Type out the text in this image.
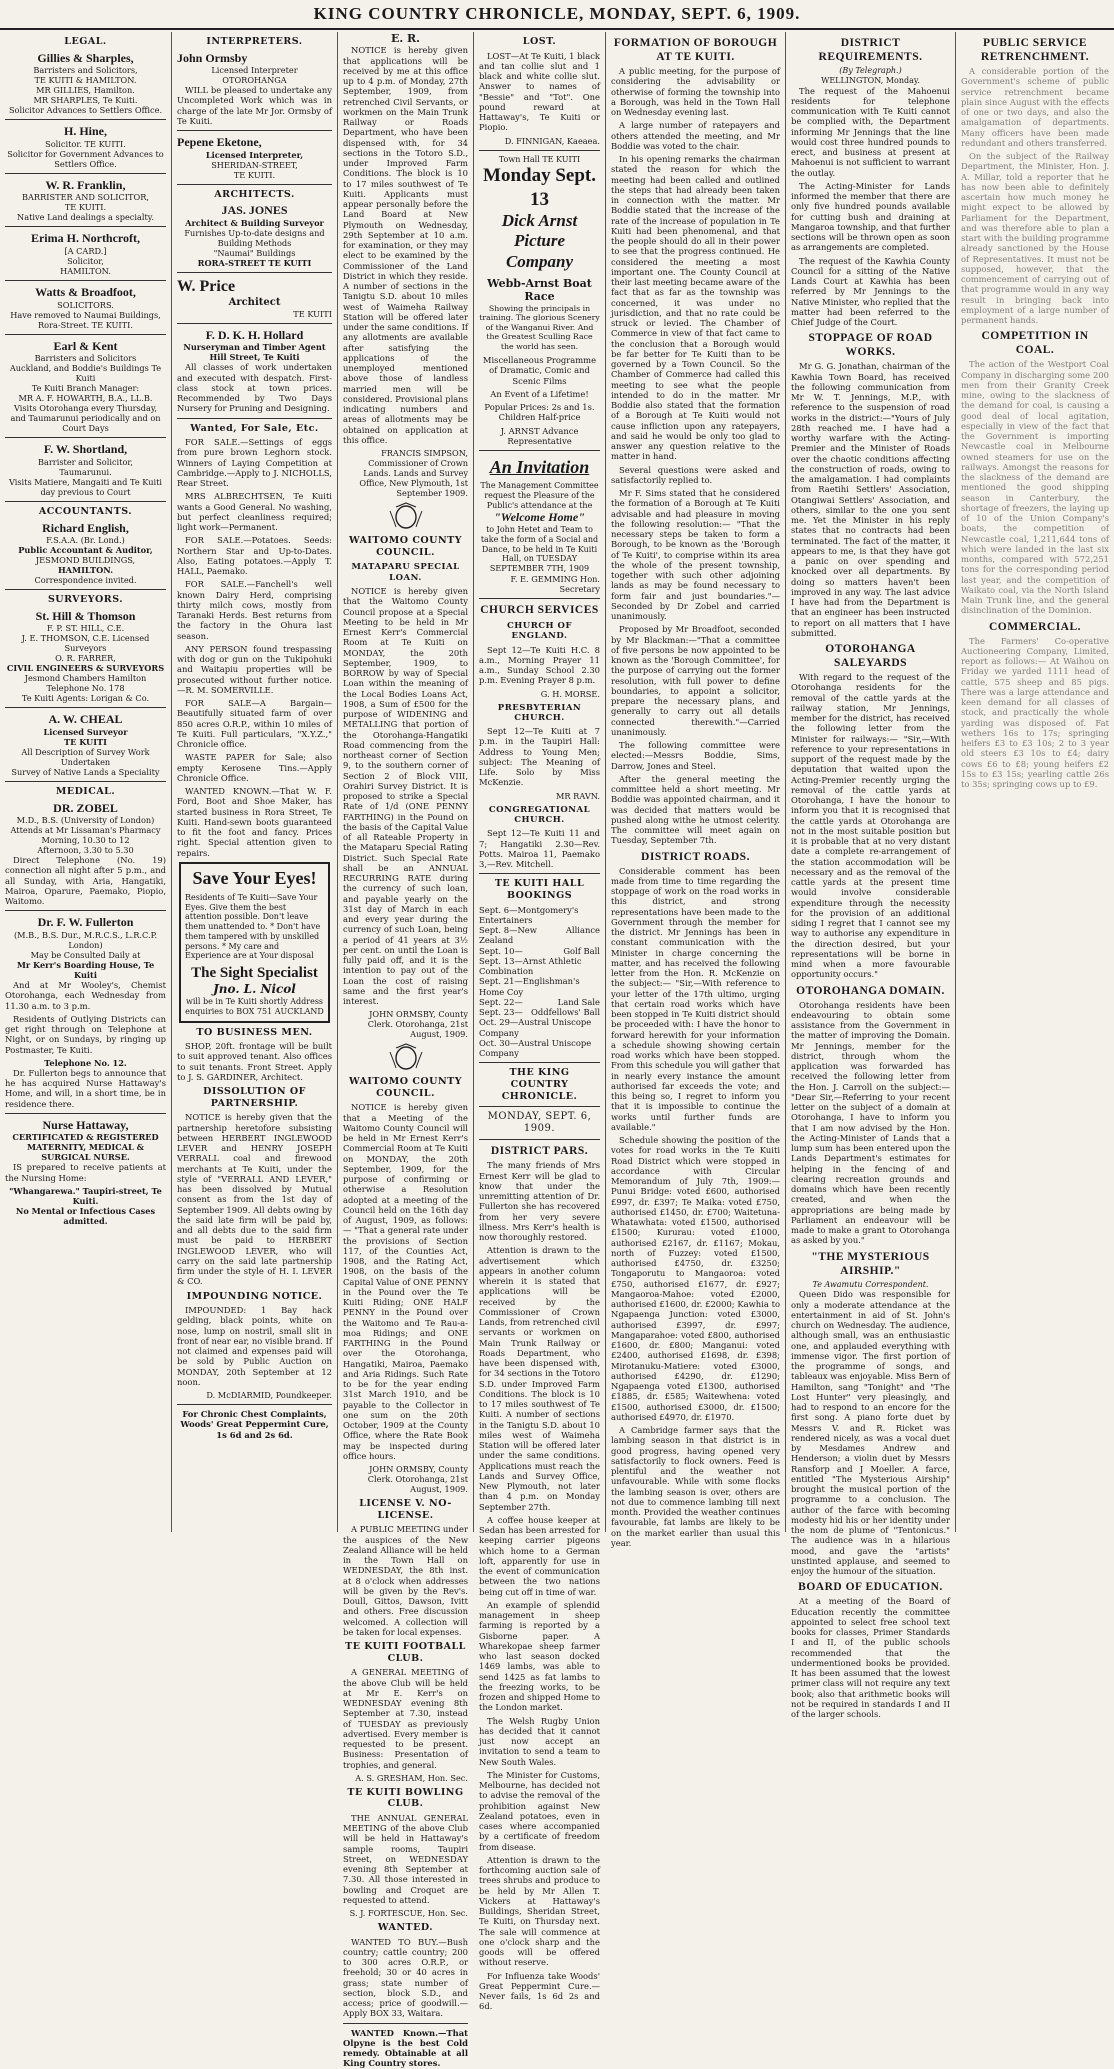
KING COUNTRY CHRONICLE, MONDAY, SEPT. 6, 1909.
LEGAL.
Gillies & Sharples,
Barristers and Solicitors,
TE KUITI & HAMILTON.
MR GILLIES, Hamilton.
MR SHARPLES, Te Kuiti.
Solicitor Advances to Settlers Office.
H. Hine,
Solicitor. TE KUITI.
Solicitor for Government Advances to Settlers Office.
W. R. Franklin,
BARRISTER AND SOLICITOR,
TE KUITI.
Native Land dealings a specialty.
Erima H. Northcroft,
[A CARD.]
Solicitor,
HAMILTON.
Watts & Broadfoot,
SOLICITORS.
Have removed to Naumai Buildings,
Rora-Street. TE KUITI.
Earl & Kent
Barristers and Solicitors
Auckland, and Boddie's Buildings Te Kuiti
Te Kuiti Branch Manager:
MR A. F. HOWARTH, B.A., LL.B.
Visits Otorohanga every Thursday, and Taumarunui periodically and on Court Days
F. W. Shortland,
Barrister and Solicitor,
Taumarunui.
Visits Matiere, Mangaiti and Te Kuiti day previous to Court
ACCOUNTANTS.
Richard English,
F.S.A.A. (Br. Lond.)
Public Accountant & Auditor,
JESMOND BUILDINGS,
HAMILTON.
Correspondence invited.
SURVEYORS.
St. Hill & Thomson
F. P. ST. HILL, C.E.
J. E. THOMSON, C.E. Licensed Surveyors
O. R. FARRER,
CIVIL ENGINEERS & SURVEYORS
Jesmond Chambers Hamilton
Telephone No. 178
Te Kuiti Agents: Lorigan & Co.
A. W. CHEAL
Licensed Surveyor
TE KUITI
All Description of Survey Work Undertaken
Survey of Native Lands a Speciality
MEDICAL.
DR. ZOBEL
M.D., B.S. (University of London)
Attends at Mr Lissaman's Pharmacy
Morning, 10.30 to 12
Afternoon, 3.30 to 5.30

Direct Telephone (No. 19) connection all night after 5 p.m., and all Sunday, with Aria, Hangatiki, Mairoa, Oparure, Paemako, Piopio, Waitomo.

Dr. F. W. Fullerton
(M.B., B.S. Dur., M.R.C.S., L.R.C.P. London)
May be Consulted Daily at
Mr Kerr's Boarding House, Te Kuiti

And at Mr Wooley's, Chemist Otorohanga, each Wednesday from 11.30 a.m. to 3 p.m.

Residents of Outlying Districts can get right through on Telephone at Night, or on Sundays, by ringing up Postmaster, Te Kuiti.

Telephone No. 12.

Dr. Fullerton begs to announce that he has acquired Nurse Hattaway's Home, and will, in a short time, be in residence there.

Nurse Hattaway,
CERTIFICATED & REGISTERED
MATERNITY, MEDICAL & SURGICAL NURSE.

IS prepared to receive patients at the Nursing Home:

"Whangarewa." Taupiri-street, Te Kuiti.
No Mental or Infectious Cases admitted.
INTERPRETERS.
John Ormsby
Licensed Interpreter
OTOROHANGA

WILL be pleased to undertake any Uncompleted Work which was in charge of the late Mr Jor. Ormsby of Te Kuiti.

Pepene Eketone,
Licensed Interpreter,
SHERIDAN-STREET,
TE KUITI.
ARCHITECTS.
JAS. JONES
Architect & Building Surveyor
Furnishes Up-to-date designs and Building Methods
"Naumai" Buildings
RORA-STREET TE KUITI
W. Price
Architect
TE KUITI
F. D. K. H. Hollard
Nurseryman and Timber Agent
Hill Street, Te Kuiti

All classes of work undertaken and executed with despatch. First-class stock at town prices. Recommended by Two Days Nursery for Pruning and Designing.

Wanted, For Sale, Etc.

FOR SALE.—Settings of eggs from pure brown Leghorn stock. Winners of Laying Competition at Cambridge.—Apply to J. NICHOLLS, Rear Street.

MRS ALBRECHTSEN, Te Kuiti wants a Good General. No washing, but perfect cleanliness required; light work—Permanent.

FOR SALE.—Potatoes. Seeds: Northern Star and Up-to-Dates. Also, Eating potatoes.—Apply T. HALL, Paemako.

FOR SALE.—Fanchell's well known Dairy Herd, comprising thirty milch cows, mostly from Taranaki Herds. Best returns from the factory in the Ohura last season.

ANY PERSON found trespassing with dog or gun on the Tukipohuki and Waitapiu properties will be prosecuted without further notice.—R. M. SOMERVILLE.

FOR SALE—A Bargain—Beautifully situated farm of over 850 acres O.R.P., within 10 miles of Te Kuiti. Full particulars, "X.Y.Z.," Chronicle office.

WASTE PAPER for Sale; also empty Kerosene Tins.—Apply Chronicle Office.

WANTED KNOWN.—That W. F. Ford, Boot and Shoe Maker, has started business in Rora Street, Te Kuiti. Hand-sewn boots guaranteed to fit the foot and fancy. Prices right. Special attention given to repairs.

Save Your Eyes!
Residents of Te Kuiti—Save Your Eyes. Give them the best attention possible. Don't leave them unattended to. * Don't have them tampered with by unskilled persons. * My care and Experience are at Your disposal
The Sight Specialist
Jno. L. Nicol
will be in Te Kuiti shortly Address enquiries to BOX 751 AUCKLAND
TO BUSINESS MEN.

SHOP, 20ft. frontage will be built to suit approved tenant. Also offices to suit tenants. Front Street. Apply to J. S. GARDINER, Architect.

DISSOLUTION OF PARTNERSHIP.

NOTICE is hereby given that the partnership heretofore subsisting between HERBERT INGLEWOOD LEVER and HENRY JOSEPH VERRALL coal and firewood merchants at Te Kuiti, under the style of "VERRALL AND LEVER," has been dissolved by Mutual consent as from the 1st day of September 1909. All debts owing by the said late firm will be paid by, and all debts due to the said firm must be paid to HERBERT INGLEWOOD LEVER, who will carry on the said late partnership firm under the style of H. I. LEVER & CO.

IMPOUNDING NOTICE.

IMPOUNDED: 1 Bay hack gelding, black points, white on nose, lump on nostril, small slit in front of near ear, no visible brand. If not claimed and expenses paid will be sold by Public Auction on MONDAY, 20th September at 12 noon.

D. McDIARMID, Poundkeeper.
For Chronic Chest Complaints, Woods' Great Peppermint Cure, 1s 6d and 2s 6d.
E. R.

NOTICE is hereby given that applications will be received by me at this office up to 4 p.m. of Monday, 27th September, 1909, from retrenched Civil Servants, or workmen on the Main Trunk Railway or Roads Department, who have been dispensed with, for 34 sections in the Totoro S.D., under Improved Farm Conditions. The block is 10 to 17 miles southwest of Te Kuiti. Applicants must appear personally before the Land Board at New Plymouth on Wednesday, 29th September at 10 a.m. for examination, or they may elect to be examined by the Commissioner of the Land District in which they reside. A number of sections in the Tanigtu S.D. about 10 miles west of Waimeha Railway Station will be offered later under the same conditions. If any allotments are available after satisfying the applications of the unemployed mentioned above those of landless married men will be considered. Provisional plans indicating numbers and areas of allotments may be obtained on application at this office.

FRANCIS SIMPSON, Commissioner of Crown Lands. Lands and Survey Office, New Plymouth, 1st September 1909.
WAITOMO COUNTY COUNCIL.
MATAPARU SPECIAL LOAN.

NOTICE is hereby given that the Waitomo County Council propose at a Special Meeting to be held in Mr Ernest Kerr's Commercial Room at Te Kuiti on MONDAY, the 20th September, 1909, to BORROW by way of Special Loan within the meaning of the Local Bodies Loans Act, 1908, a Sum of £500 for the purpose of WIDENING and METALLING that portion of the Otorohanga-Hangatiki Road commencing from the northeast corner of Section 9, to the southern corner of Section 2 of Block VIII, Orahiri Survey District. It is proposed to strike a Special Rate of 1/d (ONE PENNY FARTHING) in the Pound on the basis of the Capital Value of all Rateable Property in the Mataparu Special Rating District. Such Special Rate shall be an ANNUAL RECURRING RATE during the currency of such loan, and payable yearly on the 31st day of March in each and every year during the currency of such Loan, being a period of 41 years at 3½ per cent. on until the Loan is fully paid off, and it is the intention to pay out of the Loan the cost of raising same and the first year's interest.

JOHN ORMSBY, County Clerk. Otorohanga, 21st August, 1909.
WAITOMO COUNTY COUNCIL.

NOTICE is hereby given that a Meeting of the Waitomo County Council will be held in Mr Ernest Kerr's Commercial Room at Te Kuiti on MONDAY, the 20th September, 1909, for the purpose of confirming or otherwise a Resolution adopted at a meeting of the Council held on the 16th day of August, 1909, as follows:— "That a general rate under the provisions of Section 117, of the Counties Act, 1908, and the Rating Act, 1908, on the basis of the Capital Value of ONE PENNY in the Pound over the Te Kuiti Riding; ONE HALF PENNY in the Pound over the Waitomo and Te Rau-a-moa Ridings; and ONE FARTHING in the Pound over the Otorohanga, Hangatiki, Mairoa, Paemako and Aria Ridings. Such Rate to be for the year ending 31st March 1910, and be payable to the Collector in one sum on the 20th October, 1909 at the County Office, where the Rate Book may be inspected during office hours.

JOHN ORMSBY, County Clerk. Otorohanga, 21st August, 1909.
LICENSE V. NO-LICENSE.

A PUBLIC MEETING under the auspices of the New Zealand Alliance will be held in the Town Hall on WEDNESDAY, the 8th inst. at 8 o'clock when addresses will be given by the Rev's. Doull, Gittos, Dawson, Ivitt and others. Free discussion welcomed. A collection will be taken for local expenses.

TE KUITI FOOTBALL CLUB.

A GENERAL MEETING of the above Club will be held at Mr E. Kerr's on WEDNESDAY evening 8th September at 7.30, instead of TUESDAY as previously advertised. Every member is requested to be present. Business: Presentation of trophies, and general.

A. S. GRESHAM, Hon. Sec.
TE KUITI BOWLING CLUB.

THE ANNUAL GENERAL MEETING of the above Club will be held in Hattaway's sample rooms, Taupiri Street, on WEDNESDAY evening 8th September at 7.30. All those interested in bowling and Croquet are requested to attend.

S. J. FORTESCUE, Hon. Sec.
WANTED.

WANTED TO BUY.—Bush country; cattle country; 200 to 300 acres O.R.P., or freehold; 30 or 40 acres in grass; state number of section, block S.D., and access; price of goodwill.—Apply BOX 33, Waitara.

WANTED Known.—That Olpyne is the best Cold remedy. Obtainable at all King Country stores.

LOST.

LOST—At Te Kuiti, 1 black and tan collie slut and 1 black and white collie slut. Answer to names of "Bessie" and "Tot". One pound reward at Hattaway's, Te Kuiti or Piopio.

D. FINNIGAN, Kaeaea.
Town Hall TE KUITI
Monday Sept. 13
Dick Arnst
Picture Company
Webb-Arnst Boat Race
Showing the principals in training. The glorious Scenery of the Wanganui River. And the Greatest Sculling Race the world has seen.
Miscellaneous Programme of Dramatic, Comic and Scenic Films
An Event of a Lifetime!
Popular Prices: 2s and 1s. Children Half-price
J. ARNST Advance Representative
An Invitation
The Management Committee request the Pleasure of the Public's attendance at the
"Welcome Home"
to John Hetet and Team to take the form of a Social and Dance, to be held in Te Kuiti Hall, on TUESDAY SEPTEMBER 7TH, 1909
F. E. GEMMING Hon. Secretary
CHURCH SERVICES
CHURCH OF ENGLAND.

Sept 12—Te Kuiti H.C. 8 a.m., Morning Prayer 11 a.m., Sunday School 2.30 p.m. Evening Prayer 8 p.m.

G. H. MORSE.
PRESBYTERIAN CHURCH.

Sept 12—Te Kuiti at 7 p.m. in the Taupiri Hall: Address to Young Men; subject: The Meaning of Life. Solo by Miss McKenzie.

MR RAVN.
CONGREGATIONAL CHURCH.

Sept 12—Te Kuiti 11 and 7; Hangatiki 2.30—Rev. Potts. Mairoa 11, Paemako 3,—Rev. Mitchell.

TE KUITI HALL BOOKINGS
Sept. 6—Montgomery's Entertainers
Sept. 8—New Zealand
Alliance
Sept. 10—	Golf Ball
Sept. 13—Arnst Athletic Combination
Sept. 21—Englishman's Home Coy
Sept. 22—	Land Sale
Sept. 23— Oddfellows' Ball
Oct. 29—Austral Uniscope Company
Oct. 30—Austral Uniscope Company
THE KING COUNTRY CHRONICLE.
MONDAY, SEPT. 6, 1909.
DISTRICT PARS.

The many friends of Mrs Ernest Kerr will be glad to know that under the unremitting attention of Dr. Fullerton she has recovered from her very severe illness. Mrs Kerr's health is now thoroughly restored.

Attention is drawn to the advertisement which appears in another column wherein it is stated that applications will be received by the Commissioner of Crown Lands, from retrenched civil servants or workmen on Main Trunk Railway or Roads Department, who have been dispensed with, for 34 sections in the Totoro S.D. under Improved Farm Conditions. The block is 10 to 17 miles southwest of Te Kuiti. A number of sections in the Tanigtu S.D. about 10 miles west of Waimeha Station will be offered later under the same conditions. Applications must reach the Lands and Survey Office, New Plymouth, not later than 4 p.m. on Monday September 27th.

A coffee house keeper at Sedan has been arrested for keeping carrier pigeons which home to a German loft, apparently for use in the event of communication between the two nations being cut off in time of war.

An example of splendid management in sheep farming is reported by a Gisborne paper. A Wharekopae sheep farmer who last season docked 1469 lambs, was able to send 1425 as fat lambs to the freezing works, to be frozen and shipped Home to the London market.

The Welsh Rugby Union has decided that it cannot just now accept an invitation to send a team to New South Wales.

The Minister for Customs, Melbourne, has decided not to advise the removal of the prohibition against New Zealand potatoes, even in cases where accompanied by a certificate of freedom from disease.

Attention is drawn to the forthcoming auction sale of trees shrubs and produce to be held by Mr Allen T. Vickers at Hattaway's Buildings, Sheridan Street, Te Kuiti, on Thursday next. The sale will commence at one o'clock sharp and the goods will be offered without reserve.

For Influenza take Woods' Great Peppermint Cure.—Never fails, 1s 6d 2s and 6d.

FORMATION OF BOROUGH AT TE KUITI.

A public meeting, for the purpose of considering the advisability or otherwise of forming the township into a Borough, was held in the Town Hall on Wednesday evening last.

A large number of ratepayers and others attended the meeting, and Mr Boddie was voted to the chair.

In his opening remarks the chairman stated the reason for which the meeting had been called and outlined the steps that had already been taken in connection with the matter. Mr Boddie stated that the increase of the rate of the increase of population in Te Kuiti had been phenomenal, and that the people should do all in their power to see that the progress continued. He considered the meeting a most important one. The County Council at their last meeting became aware of the fact that as far as the township was concerned, it was under no jurisdiction, and that no rate could be struck or levied. The Chamber of Commerce in view of that fact came to the conclusion that a Borough would be far better for Te Kuiti than to be governed by a Town Council. So the Chamber of Commerce had called this meeting to see what the people intended to do in the matter. Mr Boddie also stated that the formation of a Borough at Te Kuiti would not cause infliction upon any ratepayers, and said he would be only too glad to answer any question relative to the matter in hand.

Several questions were asked and satisfactorily replied to.

Mr F. Sims stated that he considered the formation of a Borough at Te Kuiti advisable and had pleasure in moving the following resolution:— "That the necessary steps be taken to form a Borough, to be known as the 'Borough of Te Kuiti', to comprise within its area the whole of the present township, together with such other adjoining lands as may be found necessary to form fair and just boundaries."—Seconded by Dr Zobel and carried unanimously.

Proposed by Mr Broadfoot, seconded by Mr Blackman:—"That a committee of five persons be now appointed to be known as the 'Borough Committee', for the purpose of carrying out the former resolution, with full power to define boundaries, to appoint a solicitor, prepare the necessary plans, and generally to carry out all details connected therewith."—Carried unanimously.

The following committee were elected:—Messrs Boddie, Sims, Darrow, Jones and Steel.

After the general meeting the committee held a short meeting. Mr Boddie was appointed chairman, and it was decided that matters would be pushed along withe he utmost celerity. The committee will meet again on Tuesday, September 7th.

DISTRICT ROADS.

Considerable comment has been made from time to time regarding the stoppage of work on the road works in this district, and strong representations have been made to the Government through the member for the district. Mr Jennings has been in constant communication with the Minister in charge concerning the matter, and has received the following letter from the Hon. R. McKenzie on the subject:— "Sir,—With reference to your letter of the 17th ultimo, urging that certain road works which have been stopped in Te Kuiti district should be proceeded with: I have the honor to forward herewith for your information a schedule showing showing certain road works which have been stopped. From this schedule you will gather that in nearly every instance the amount authorised far exceeds the vote; and this being so, I regret to inform you that it is impossible to continue the works until further funds are available."

Schedule showing the position of the votes for road works in the Te Kuiti Road District which were stopped in accordance with Circular Memorandum of July 7th, 1909:— Punui Bridge: voted £600, authorised £997, dr. £397; Te Maika: voted £750, authorised £1450, dr. £700; Waitetuna-Whatawhata: voted £1500, authorised £1500; Kururau: voted £1000, authorised £2167, dr. £1167; Mokau, north of Fuzzey: voted £1500, authorised £4750, dr. £3250; Tongaporutu to Mangaoroa: voted £750, authorised £1677, dr. £927; Mangaoroa-Mahoe: voted £2000, authorised £1600, dr. £2000; Kawhia to Ngapaenga Junction: voted £3000, authorised £3997, dr. £997; Mangaparahoe: voted £800, authorised £1600, dr. £800; Manganui: voted £2400, authorised £1698, dr. £398; Mirotanuku-Matiere: voted £3000, authorised £4290, dr. £1290; Ngapaenga voted £1300, authorised £1885, dr. £585; Waitewhena: voted £1500, authorised £3000, dr. £1500; authorised £4970, dr. £1970.

A Cambridge farmer says that the lambing season in that district is in good progress, having opened very satisfactorily to flock owners. Feed is plentiful and the weather not unfavourable. While with some flocks the lambing season is over, others are not due to commence lambing till next month. Provided the weather continues favourable, fat lambs are likely to be on the market earlier than usual this year.

DISTRICT REQUIREMENTS.
(By Telegraph.)
WELLINGTON, Monday.

The request of the Mahoenui residents for telephone communication with Te Kuiti cannot be complied with, the Department informing Mr Jennings that the line would cost three hundred pounds to erect, and business at present at Mahoenui is not sufficient to warrant the outlay.

The Acting-Minister for Lands informed the member that there are only five hundred pounds available for cutting bush and draining at Mangaroa township, and that further sections will be thrown open as soon as arrangements are completed.

The request of the Kawhia County Council for a sitting of the Native Lands Court at Kawhia has been referred by Mr Jennings to the Native Minister, who replied that the matter had been referred to the Chief Judge of the Court.

STOPPAGE OF ROAD WORKS.

Mr G. G. Jonathan, chairman of the Kawhia Town Board, has received the following communication from Mr W. T. Jennings, M.P., with reference to the suspension of road works in the district:—"Yours of July 28th reached me. I have had a worthy warfare with the Acting-Premier and the Minister of Roads over the chaotic conditions affecting the construction of roads, owing to the amalgamation. I had complaints from Raetihi Settlers' Association, Otangiwai Settlers' Association, and others, similar to the one you sent me. Yet the Minister in his reply states that no contracts had been terminated. The fact of the matter, it appears to me, is that they have got a panic on over spending and knocked over all departments. By doing so matters haven't been improved in any way. The last advice I have had from the Department is that an engineer has been instructed to report on all matters that I have submitted.

OTOROHANGA SALEYARDS

With regard to the request of the Otorohanga residents for the removal of the cattle yards at the railway station, Mr Jennings, member for the district, has received the following letter from the Minister for railways:— "Sir,—With reference to your representations in support of the request made by the deputation that waited upon the Acting-Premier recently urging the removal of the cattle yards at Otorohanga, I have the honour to inform you that it is recognised that the cattle yards at Otorohanga are not in the most suitable position but it is probable that at no very distant date a complete re-arrangement of the station accommodation will be necessary and as the removal of the cattle yards at the present time would involve considerable expenditure through the necessity for the provision of an additional siding I regret that I cannot see my way to authorise any expenditure in the direction desired, but your representations will be borne in mind when a more favourable opportunity occurs."

OTOROHANGA DOMAIN.

Otorohanga residents have been endeavouring to obtain some assistance from the Government in the matter of improving the Domain. Mr Jennings, member for the district, through whom the application was forwarded has received the following letter from the Hon. J. Carroll on the subject:— "Dear Sir,—Referring to your recent letter on the subject of a domain at Otorohanga, I have to inform you that I am now advised by the Hon. the Acting-Minister of Lands that a lump sum has been entered upon the Lands Department's estimates for helping in the fencing of and clearing recreation grounds and domains which have been recently created, and when the appropriations are being made by Parliament an endeavour will be made to make a grant to Otorohanga as asked by you."

"THE MYSTERIOUS AIRSHIP."
Te Awamutu Correspondent.

Queen Dido was responsible for only a moderate attendance at the entertainment in aid of St. John's church on Wednesday. The audience, although small, was an enthusiastic one, and applauded everything with immense vigor. The first portion of the programme of songs, and tableaux was enjoyable. Miss Bern of Hamilton, sang "Tonight" and "The Lost Hunter" very pleasingly, and had to respond to an encore for the first song. A piano forte duet by Messrs V. and R. Ricket was rendered nicely, as was a vocal duet by Mesdames Andrew and Henderson; a violin duet by Messrs Ransforp and J Moeller. A farce, entitled "The Mysterious Airship" brought the musical portion of the programme to a conclusion. The author of the farce with becoming modesty hid his or her identity under the nom de plume of "Tentonicus." The audience was in a hilarious mood, and gave the "artists" unstinted applause, and seemed to enjoy the humour of the situation.

BOARD OF EDUCATION.

At a meeting of the Board of Education recently the committee appointed to select free school text books for classes, Primer Standards I and II, of the public schools recommended that the undermentioned books be provided. It has been assumed that the lowest primer class will not require any text book; also that arithmetic books will not be required in standards I and II of the larger schools.

PUBLIC SERVICE RETRENCHMENT.

A considerable portion of the Government's scheme of public service retrenchment became plain since August with the effects of one or two days, and also the amalgamation of departments. Many officers have been made redundant and others transferred.

On the subject of the Railway Department, the Minister, Hon. J. A. Millar, told a reporter that he has now been able to definitely ascertain how much money he might expect to be allowed by Parliament for the Department, and was therefore able to plan a start with the building programme already sanctioned by the House of Representatives. It must not be supposed, however, that the commencement of carrying out of that programme would in any way result in bringing back into employment of a large number of permanent hands.

COMPETITION IN COAL.

The action of the Westport Coal Company in discharging some 200 men from their Granity Creek mine, owing to the slackness of the demand for coal, is causing a good deal of local agitation, especially in view of the fact that the Government is importing Newcastle coal in Melbourne owned steamers for use on the railways. Amongst the reasons for the slackness of the demand are mentioned the good shipping season in Canterbury, the shortage of freezers, the laying up of 10 of the Union Company's boats, the competition of Newcastle coal, 1,211,644 tons of which were landed in the last six months, compared with 572,251 tons for the corresponding period last year, and the competition of Waikato coal, via the North Island Main Trunk line, and the general disinclination of the Dominion.

COMMERCIAL.

The Farmers' Co-operative Auctioneering Company, Limited, report as follows:— At Waihou on Friday we yarded 1111 head of cattle, 575 sheep and 85 pigs. There was a large attendance and keen demand for all classes of stock, and practically the whole yarding was disposed of. Fat wethers 16s to 17s; springing heifers £3 to £3 10s; 2 to 3 year old steers £3 10s to £4; dairy cows £6 to £8; young heifers £2 15s to £3 15s; yearling cattle 26s to 35s; springing cows up to £9.
